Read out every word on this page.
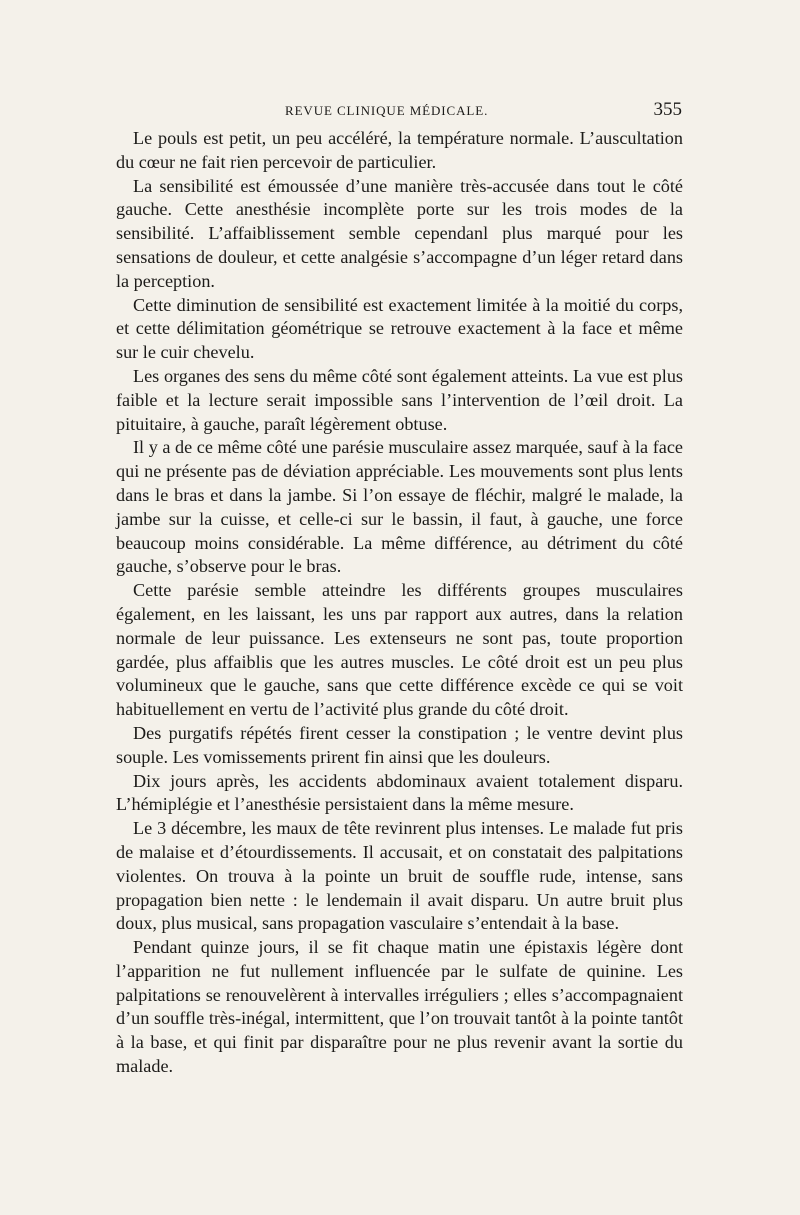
REVUE CLINIQUE MÉDICALE.	355

Le pouls est petit, un peu accéléré, la température normale. L’auscultation du cœur ne fait rien percevoir de particulier.

La sensibilité est émoussée d’une manière très-accusée dans tout le côté gauche. Cette anesthésie incomplète porte sur les trois modes de la sensibilité. L’affaiblissement semble cependanl plus marqué pour les sensations de douleur, et cette analgésie s’accompagne d’un léger retard dans la perception.

Cette diminution de sensibilité est exactement limitée à la moitié du corps, et cette délimitation géométrique se retrouve exactement à la face et même sur le cuir chevelu.

Les organes des sens du même côté sont également atteints. La vue est plus faible et la lecture serait impossible sans l’intervention de l’œil droit. La pituitaire, à gauche, paraît légèrement obtuse.

Il y a de ce même côté une parésie musculaire assez marquée, sauf à la face qui ne présente pas de déviation appréciable. Les mouvements sont plus lents dans le bras et dans la jambe. Si l’on essaye de fléchir, malgré le malade, la jambe sur la cuisse, et celle-ci sur le bassin, il faut, à gauche, une force beaucoup moins considérable. La même différence, au détriment du côté gauche, s’observe pour le bras.

Cette parésie semble atteindre les différents groupes musculaires également, en les laissant, les uns par rapport aux autres, dans la relation normale de leur puissance. Les extenseurs ne sont pas, toute proportion gardée, plus affaiblis que les autres muscles. Le côté droit est un peu plus volumineux que le gauche, sans que cette différence excède ce qui se voit habituellement en vertu de l’activité plus grande du côté droit.

Des purgatifs répétés firent cesser la constipation ; le ventre devint plus souple. Les vomissements prirent fin ainsi que les douleurs.

Dix jours après, les accidents abdominaux avaient totalement disparu. L’hémiplégie et l’anesthésie persistaient dans la même mesure.

Le 3 décembre, les maux de tête revinrent plus intenses. Le malade fut pris de malaise et d’étourdissements. Il accusait, et on constatait des palpitations violentes. On trouva à la pointe un bruit de souffle rude, intense, sans propagation bien nette : le lendemain il avait disparu. Un autre bruit plus doux, plus musical, sans propagation vasculaire s’entendait à la base.

Pendant quinze jours, il se fit chaque matin une épistaxis légère dont l’apparition ne fut nullement influencée par le sulfate de quinine. Les palpitations se renouvelèrent à intervalles irréguliers ; elles s’accompagnaient d’un souffle très-inégal, intermittent, que l’on trouvait tantôt à la pointe tantôt à la base, et qui finit par disparaître pour ne plus revenir avant la sortie du malade.
